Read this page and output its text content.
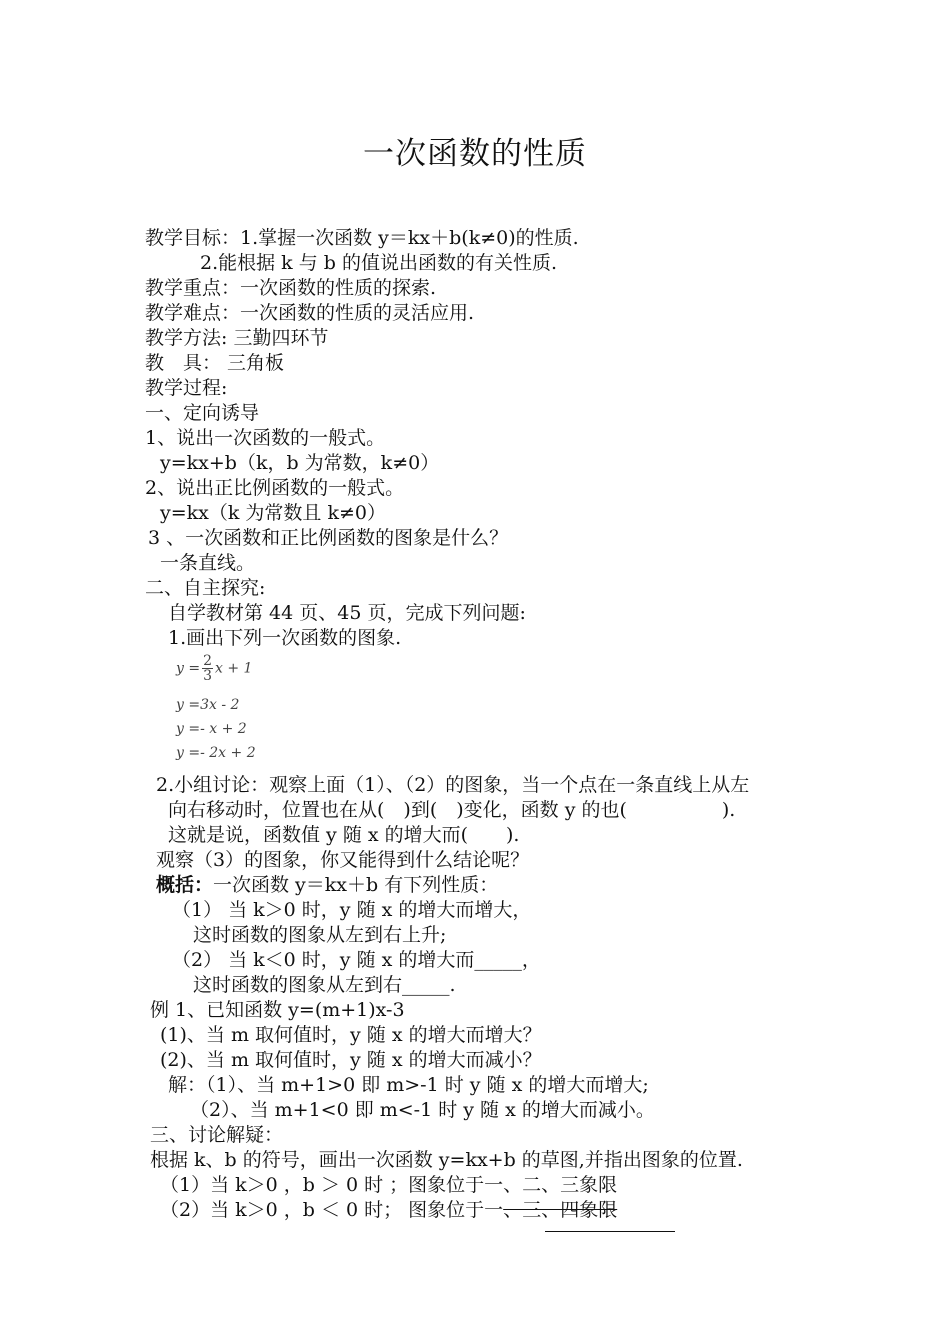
一次函数的性质
教学目标：1.掌握一次函数 y＝kx＋b(k≠0)的性质.
2.能根据 k 与 b 的值说出函数的有关性质.
教学重点：一次函数的性质的探索.
教学难点：一次函数的性质的灵活应用.
教学方法: 三勤四环节
教　具： 三角板
教学过程:
一、定向诱导
1、说出一次函数的一般式。
y=kx+b（k，b 为常数，k≠0）
2、说出正比例函数的一般式。
y=kx（k 为常数且 k≠0）
3 、一次函数和正比例函数的图象是什么？
一条直线。
二、自主探究:
自学教材第 44 页、45 页，完成下列问题:
1.画出下列一次函数的图象.
$y = \frac{2}{3}$ x + 1
y =3x - 2
y =- x + 2
y =- 2x + 2
2.小组讨论：观察上面（1）、（2）的图象，当一个点在一条直线上从左
向右移动时，位置也在从(　)到(　)变化，函数 y 的也(　　　　　).
这就是说，函数值 y 随 x 的增大而(　　).
观察（3）的图象，你又能得到什么结论呢？
概括：一次函数 y＝kx＋b 有下列性质：
（1） 当 k＞0 时，y 随 x 的增大而增大，
这时函数的图象从左到右上升;
（2） 当 k＜0 时，y 随 x 的增大而_____，
这时函数的图象从左到右_____.
例 1、已知函数 y=(m+1)x-3
(1)、当 m 取何值时，y 随 x 的增大而增大？
(2)、当 m 取何值时，y 随 x 的增大而减小？
解：（1）、当 m+1>0 即 m>-1 时 y 随 x 的增大而增大;
（2）、当 m+1<0 即 m<-1 时 y 随 x 的增大而减小。
三、讨论解疑：
根据 k、b 的符号，画出一次函数 y=kx+b 的草图,并指出图象的位置.
（1）当 k＞0 ，b ＞ 0 时 ；图象位于一、二、三象限
（2）当 k＞0 ，b ＜ 0 时； 图象位于一、三、四象限
